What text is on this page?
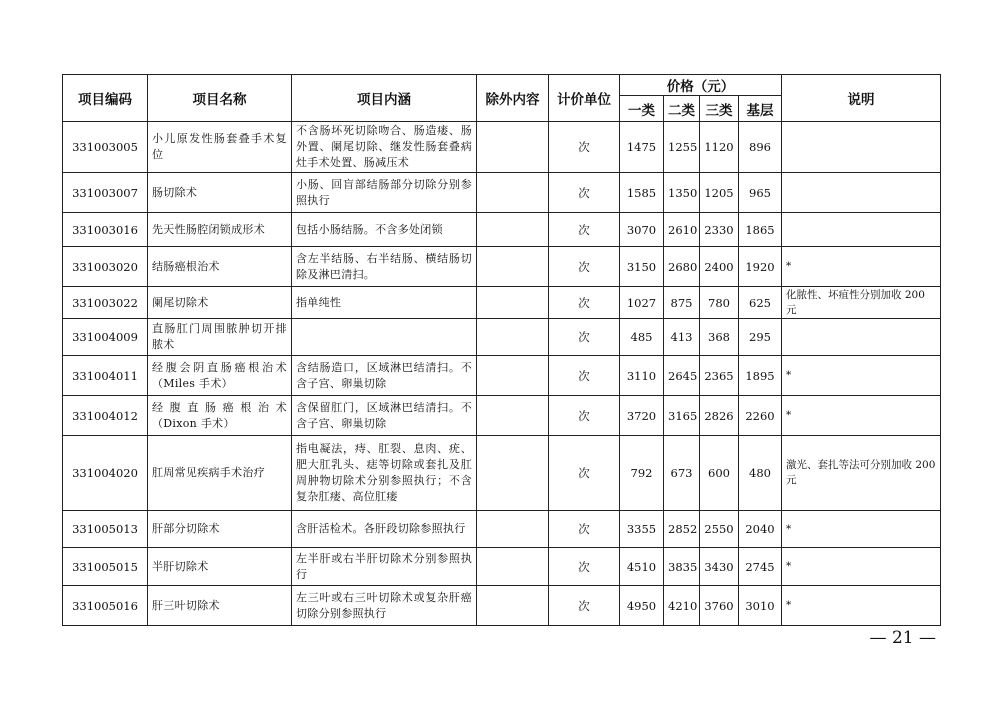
项目编码	项目名称	项目内涵	除外内容	计价单位	价格（元）				说明
					一类	二类	三类	基层	
331003005	小儿原发性肠套叠手术复位	不含肠坏死切除吻合、肠造瘘、肠外置、阑尾切除、继发性肠套叠病灶手术处置、肠减压术		次	1475	1255	1120	896	
331003007	肠切除术	小肠、回盲部结肠部分切除分别参照执行		次	1585	1350	1205	965	
331003016	先天性肠腔闭锁成形术	包括小肠结肠。不含多处闭锁		次	3070	2610	2330	1865	
331003020	结肠癌根治术	含左半结肠、右半结肠、横结肠切除及淋巴清扫。		次	3150	2680	2400	1920	*
331003022	阑尾切除术	指单纯性		次	1027	875	780	625	化脓性、坏疽性分别加收 200 元
331004009	直肠肛门周围脓肿切开排脓术			次	485	413	368	295	
331004011	经腹会阴直肠癌根治术（Miles 手术）	含结肠造口，区域淋巴结清扫。不含子宫、卵巢切除		次	3110	2645	2365	1895	*
331004012	经腹直肠癌根治术（Dixon 手术）	含保留肛门，区域淋巴结清扫。不含子宫、卵巢切除		次	3720	3165	2826	2260	*
331004020	肛周常见疾病手术治疗	指电凝法，痔、肛裂、息肉、疣、肥大肛乳头、痣等切除或套扎及肛周肿物切除术分别参照执行；不含复杂肛瘘、高位肛瘘		次	792	673	600	480	激光、套扎等法可分别加收 200 元
331005013	肝部分切除术	含肝活检术。各肝段切除参照执行		次	3355	2852	2550	2040	*
331005015	半肝切除术	左半肝或右半肝切除术分别参照执行		次	4510	3835	3430	2745	*
331005016	肝三叶切除术	左三叶或右三叶切除术或复杂肝癌切除分别参照执行		次	4950	4210	3760	3010	*
— 21 —
